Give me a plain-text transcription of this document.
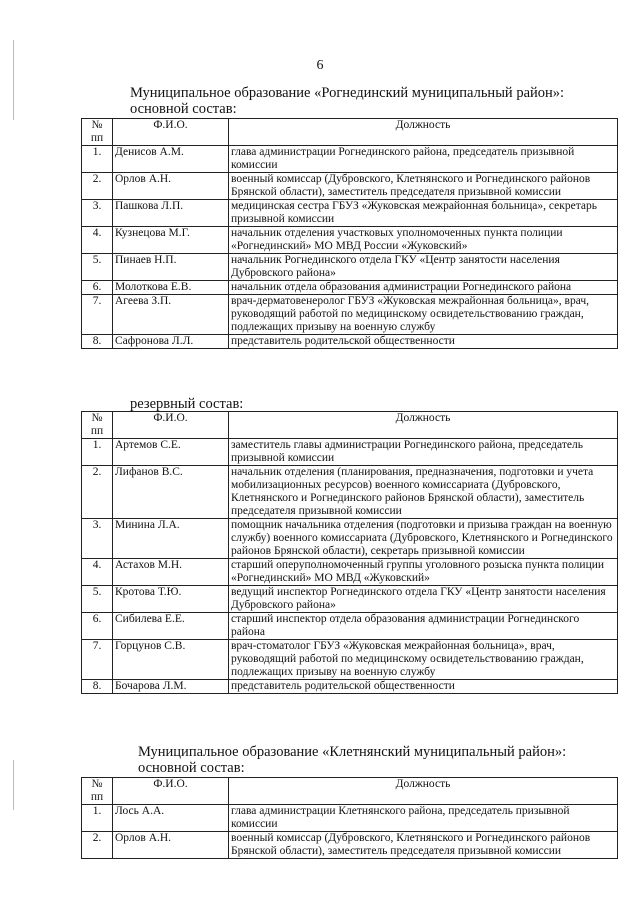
6
Муниципальное образование «Рогнединский муниципальный район»:
основной состав:
№ пп	Ф.И.О.	Должность
1.	Денисов А.М.	глава администрации Рогнединского района, председатель призывной комиссии
2.	Орлов А.Н.	военный комиссар (Дубровского, Клетнянского и Рогнединского районов Брянской области), заместитель председателя призывной комиссии
3.	Пашкова Л.П.	медицинская сестра ГБУЗ «Жуковская межрайонная больница», секретарь призывной комиссии
4.	Кузнецова М.Г.	начальник отделения участковых уполномоченных пункта полиции «Рогнединский» МО МВД России «Жуковский»
5.	Пинаев Н.П.	начальник Рогнединского отдела ГКУ «Центр занятости населения Дубровского района»
6.	Молоткова Е.В.	начальник отдела образования администрации Рогнединского района
7.	Агеева З.П.	врач-дерматовенеролог ГБУЗ «Жуковская межрайонная больница», врач, руководящий работой по медицинскому освидетельствованию граждан, подлежащих призыву на военную службу
8.	Сафронова Л.Л.	представитель родительской общественности
резервный состав:
№ пп	Ф.И.О.	Должность
1.	Артемов С.Е.	заместитель главы администрации Рогнединского района, председатель призывной комиссии
2.	Лифанов В.С.	начальник отделения (планирования, предназначения, подготовки и учета мобилизационных ресурсов) военного комиссариата (Дубровского, Клетнянского и Рогнединского районов Брянской области), заместитель председателя призывной комиссии
3.	Минина Л.А.	помощник начальника отделения (подготовки и призыва граждан на военную службу) военного комиссариата (Дубровского, Клетнянского и Рогнединского районов Брянской области), секретарь призывной комиссии
4.	Астахов М.Н.	старший оперуполномоченный группы уголовного розыска пункта полиции «Рогнединский» МО МВД «Жуковский»
5.	Кротова Т.Ю.	ведущий инспектор Рогнединского отдела ГКУ «Центр занятости населения Дубровского района»
6.	Сибилева Е.Е.	старший инспектор отдела образования администрации Рогнединского района
7.	Горцунов С.В.	врач-стоматолог ГБУЗ «Жуковская межрайонная больница», врач, руководящий работой по медицинскому освидетельствованию граждан, подлежащих призыву на военную службу
8.	Бочарова Л.М.	представитель родительской общественности
Муниципальное образование «Клетнянский муниципальный район»:
основной состав:
№ пп	Ф.И.О.	Должность
1.	Лось А.А.	глава администрации Клетнянского района, председатель призывной комиссии
2.	Орлов А.Н.	военный комиссар (Дубровского, Клетнянского и Рогнединского районов Брянской области), заместитель председателя призывной комиссии
